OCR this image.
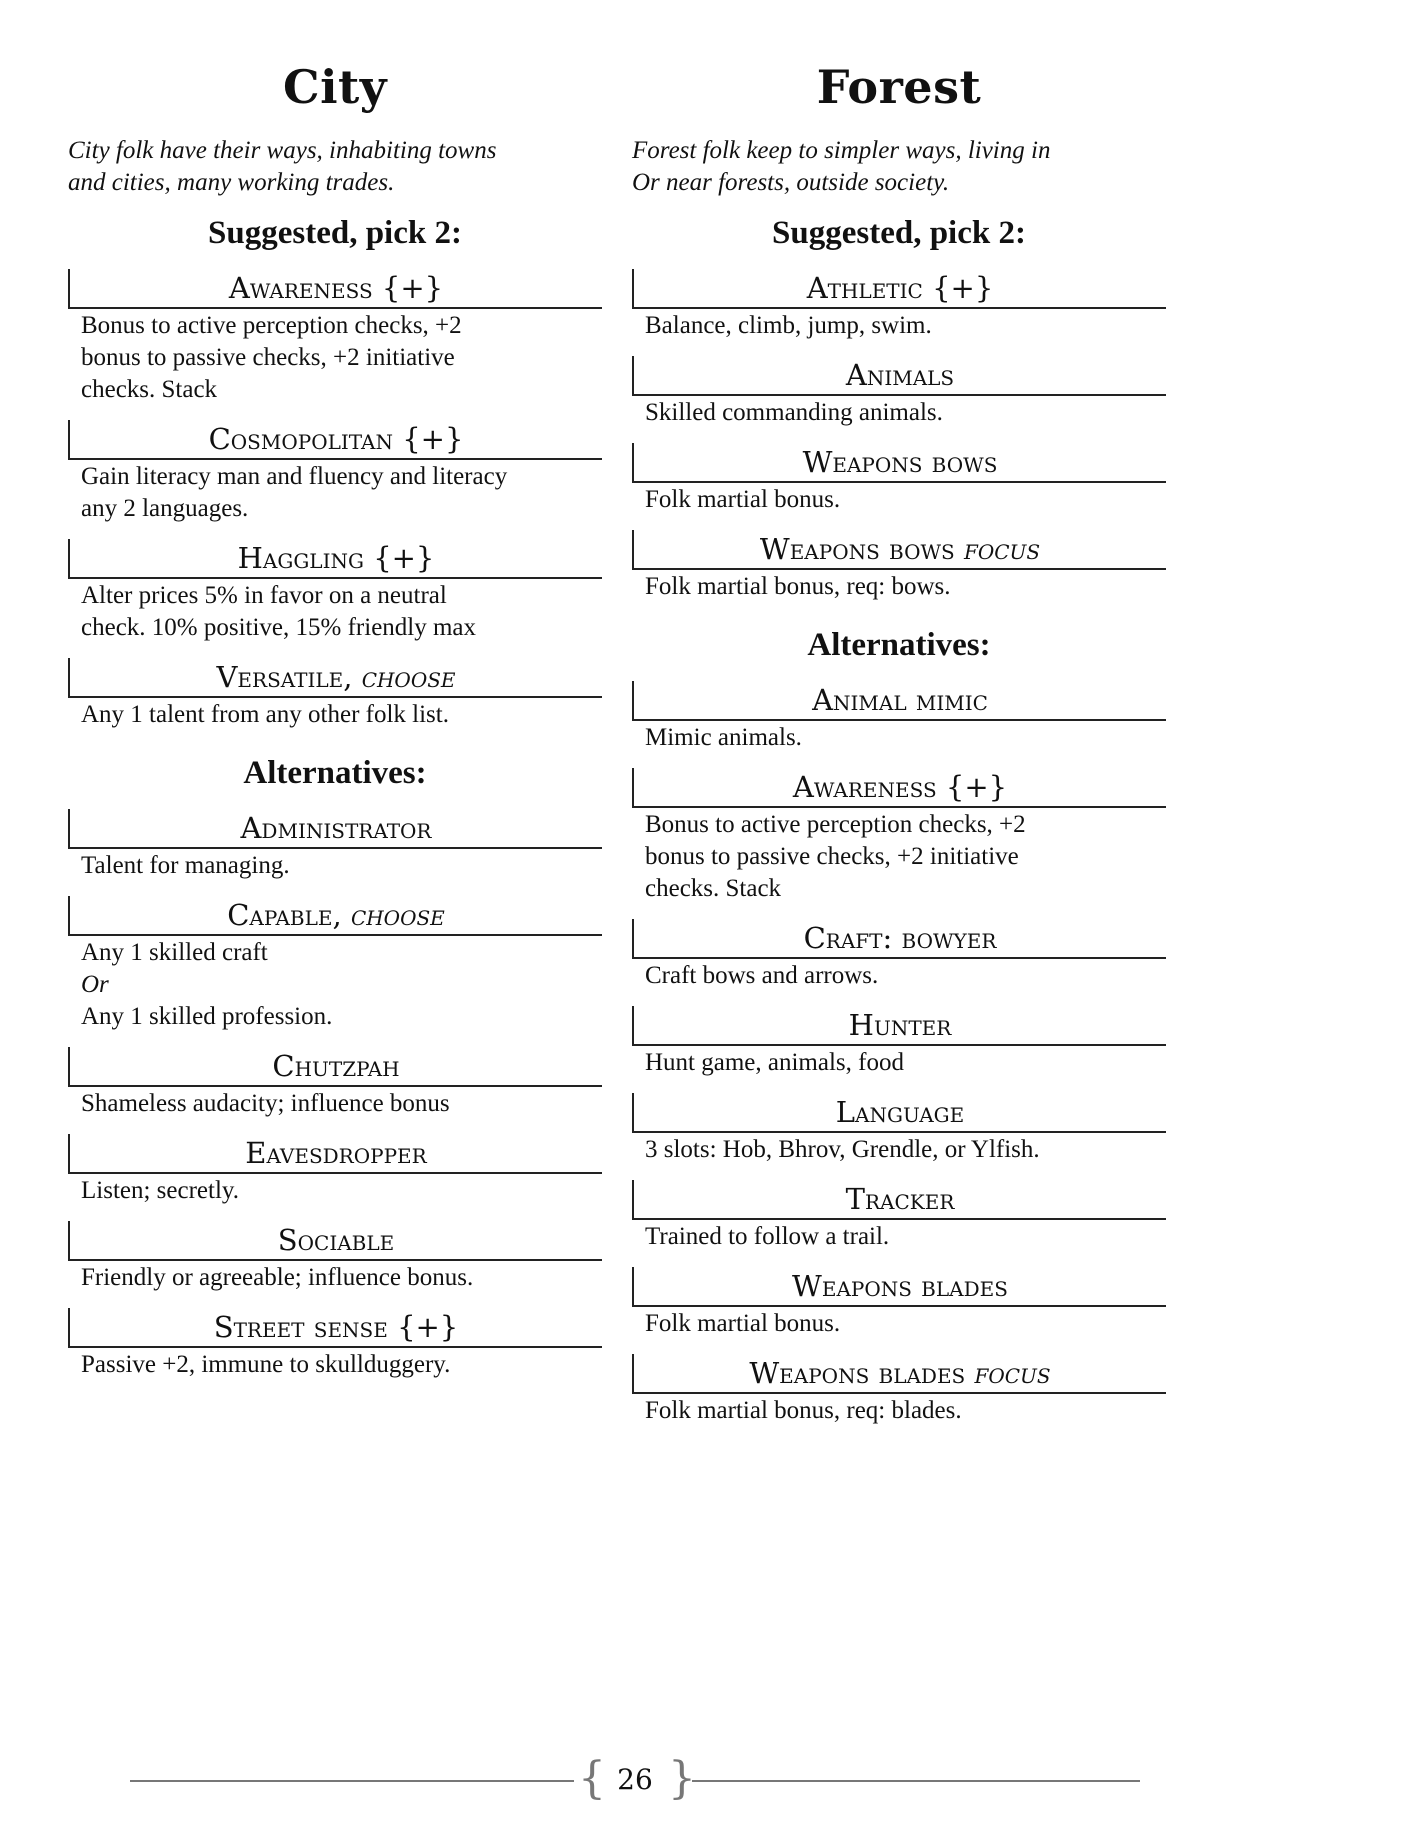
City

City folk have their ways, inhabiting towns
and cities, many working trades.

Suggested, pick 2:
Awareness {+}
Bonus to active perception checks, +2
bonus to passive checks, +2 initiative
checks. Stack
Cosmopolitan {+}
Gain literacy man and fluency and literacy
any 2 languages.
Haggling {+}
Alter prices 5% in favor on a neutral
check. 10% positive, 15% friendly max
Versatile, choose
Any 1 talent from any other folk list.
Alternatives:
Administrator
Talent for managing.
Capable, choose
Any 1 skilled craft
Or
Any 1 skilled profession.
Chutzpah
Shameless audacity; influence bonus
Eavesdropper
Listen; secretly.
Sociable
Friendly or agreeable; influence bonus.
Street sense {+}
Passive +2, immune to skullduggery.
Forest

Forest folk keep to simpler ways, living in
Or near forests, outside society.

Suggested, pick 2:
Athletic {+}
Balance, climb, jump, swim.
Animals
Skilled commanding animals.
Weapons bows
Folk martial bonus.
Weapons bows focus
Folk martial bonus, req: bows.
Alternatives:
Animal mimic
Mimic animals.
Awareness {+}
Bonus to active perception checks, +2
bonus to passive checks, +2 initiative
checks. Stack
Craft: bowyer
Craft bows and arrows.
Hunter
Hunt game, animals, food
Language
3 slots: Hob, Bhrov, Grendle, or Ylfish.
Tracker
Trained to follow a trail.
Weapons blades
Folk martial bonus.
Weapons blades focus
Folk martial bonus, req: blades.
{ 26 }
